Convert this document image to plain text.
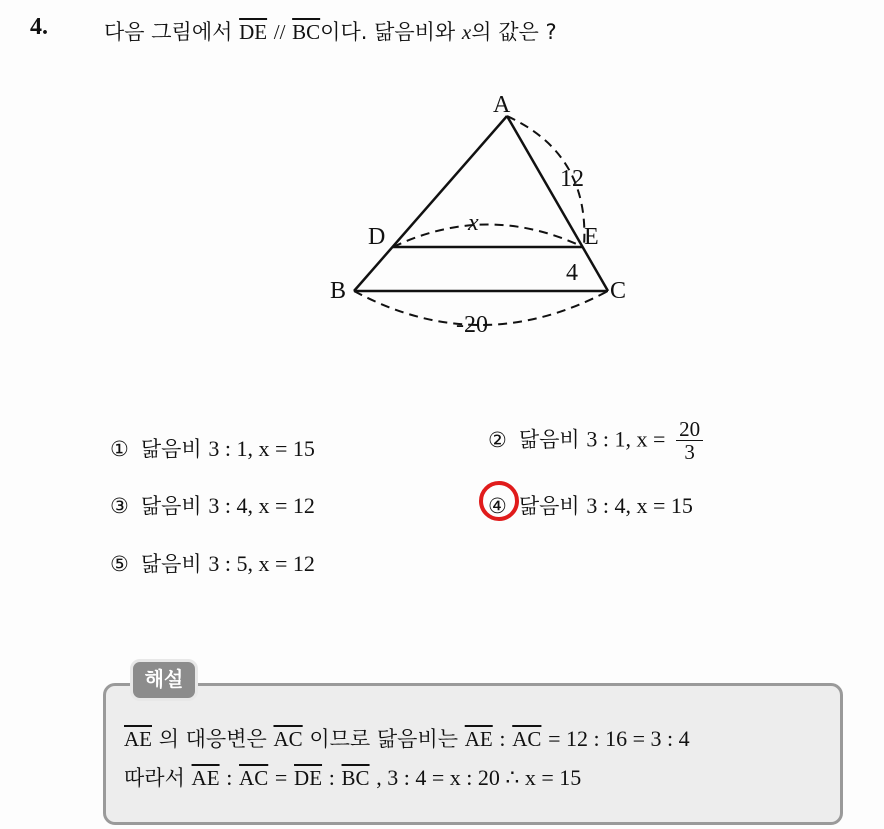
4.	다음 그림에서 $\overline{DE} // \overline{BC}$이다. 닮음비와 x의 값은 ?
A
B	C
D	E
12
4
-20
x
① 닮음비 3 : 1, x = 15	② 닮음비 3 : 1, $x = \frac{20}{3}$
③ 닮음비 3 : 4, x = 12	④ 닮음비 3 : 4, x = 15
⑤ 닮음비 3 : 5, x = 12
해설
$\overline{AE}$ 의 대응변은 $\overline{AC}$ 이므로 닮음비는 $\overline{AE}$ : $\overline{AC} = 12$ : 16 = 3 : 4
따라서 $\overline{AE}$ : $\overline{AC} = \overline{DE}$ : $\overline{BC}$ , 3 : 4 = x : 20 ∴ x = 15
